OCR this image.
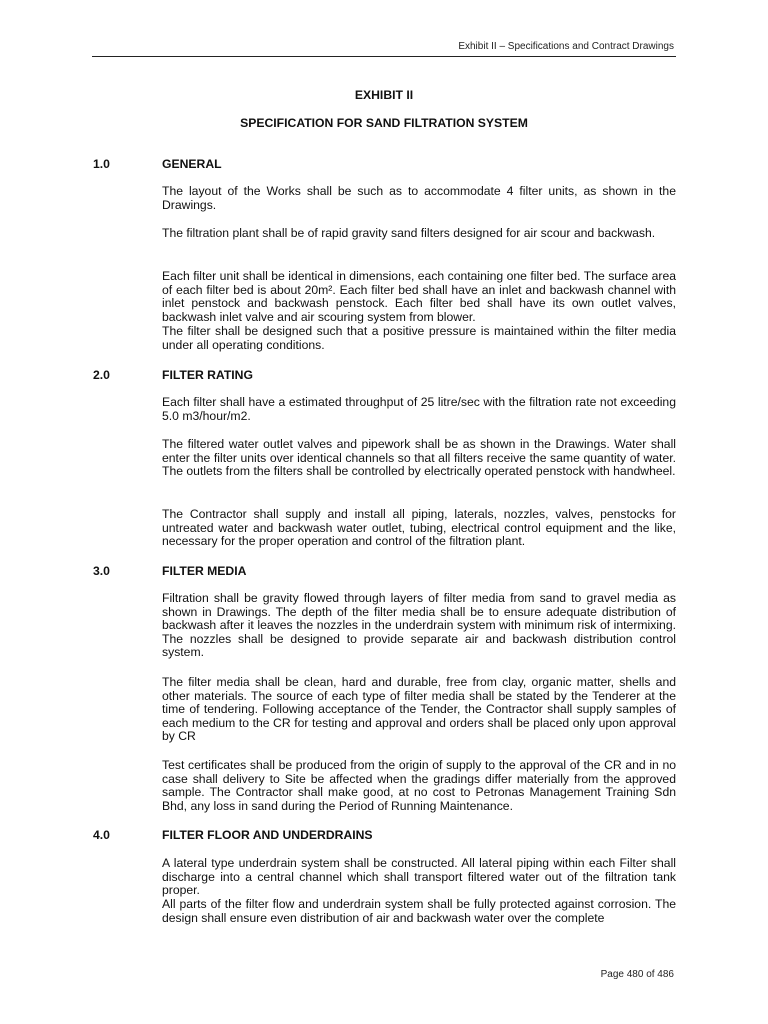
Exhibit II – Specifications and Contract Drawings
EXHIBIT II
SPECIFICATION FOR SAND FILTRATION SYSTEM
1.0	GENERAL

The layout of the Works shall be such as to accommodate 4 filter units, as shown in the Drawings.

The filtration plant shall be of rapid gravity sand filters designed for air scour and backwash.

Each filter unit shall be identical in dimensions, each containing one filter bed. The surface area of each filter bed is about 20m². Each filter bed shall have an inlet and backwash channel with inlet penstock and backwash penstock. Each filter bed shall have its own outlet valves, backwash inlet valve and air scouring system from blower.

The filter shall be designed such that a positive pressure is maintained within the filter media under all operating conditions.

2.0	FILTER RATING

Each filter shall have a estimated throughput of 25 litre/sec with the filtration rate not exceeding 5.0 m3/hour/m2.

The filtered water outlet valves and pipework shall be as shown in the Drawings. Water shall enter the filter units over identical channels so that all filters receive the same quantity of water. The outlets from the filters shall be controlled by electrically operated penstock with handwheel.

The Contractor shall supply and install all piping, laterals, nozzles, valves, penstocks for untreated water and backwash water outlet, tubing, electrical control equipment and the like, necessary for the proper operation and control of the filtration plant.

3.0	FILTER MEDIA

Filtration shall be gravity flowed through layers of filter media from sand to gravel media as shown in Drawings. The depth of the filter media shall be to ensure adequate distribution of backwash after it leaves the nozzles in the underdrain system with minimum risk of intermixing. The nozzles shall be designed to provide separate air and backwash distribution control system.

The filter media shall be clean, hard and durable, free from clay, organic matter, shells and other materials. The source of each type of filter media shall be stated by the Tenderer at the time of tendering. Following acceptance of the Tender, the Contractor shall supply samples of each medium to the CR for testing and approval and orders shall be placed only upon approval by CR

Test certificates shall be produced from the origin of supply to the approval of the CR and in no case shall delivery to Site be affected when the gradings differ materially from the approved sample. The Contractor shall make good, at no cost to Petronas Management Training Sdn Bhd, any loss in sand during the Period of Running Maintenance.

4.0	FILTER FLOOR AND UNDERDRAINS

A lateral type underdrain system shall be constructed. All lateral piping within each Filter shall discharge into a central channel which shall transport filtered water out of the filtration tank proper.

All parts of the filter flow and underdrain system shall be fully protected against corrosion. The design shall ensure even distribution of air and backwash water over the complete

Page 480 of 486
